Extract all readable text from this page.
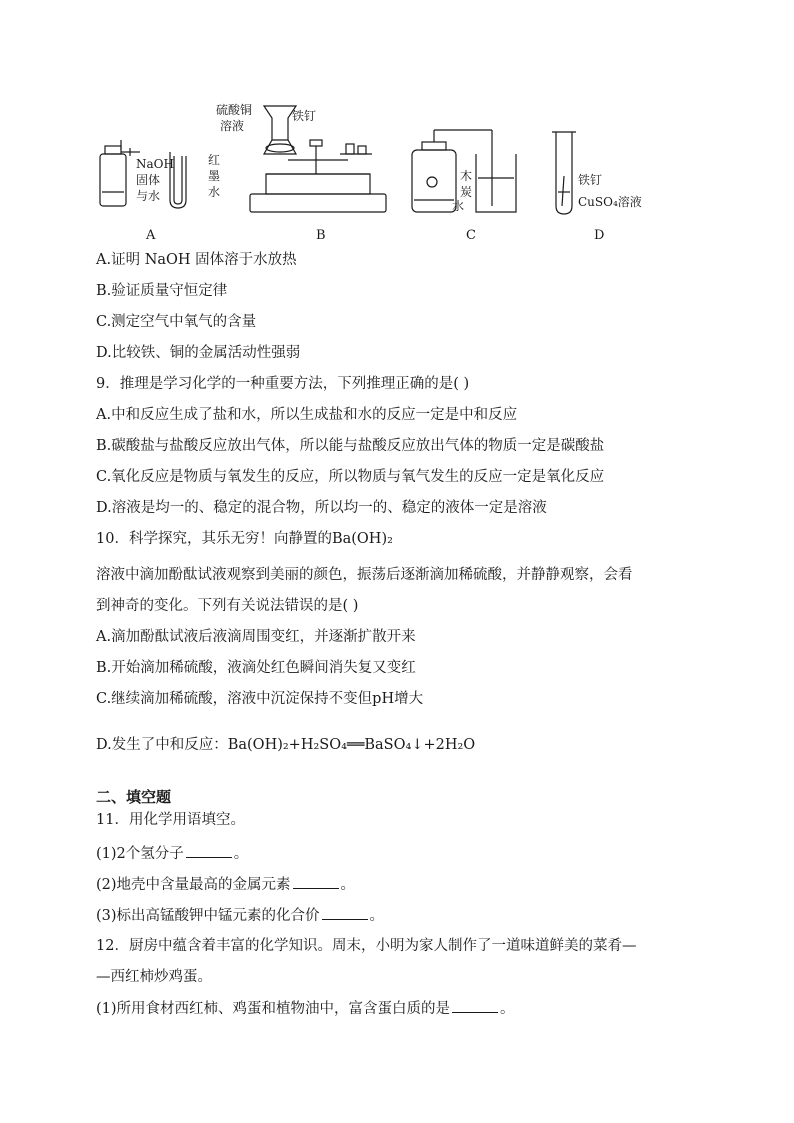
NaOH
固体
与水
红
墨
水
A
硫酸铜
溶液
铁钉
B
木
炭
水
C
铁钉
CuSO₄溶液
D
A.证明 NaOH 固体溶于水放热
B.验证质量守恒定律
C.测定空气中氧气的含量
D.比较铁、铜的金属活动性强弱
9．推理是学习化学的一种重要方法，下列推理正确的是( )
A.中和反应生成了盐和水，所以生成盐和水的反应一定是中和反应
B.碳酸盐与盐酸反应放出气体，所以能与盐酸反应放出气体的物质一定是碳酸盐
C.氧化反应是物质与氧发生的反应，所以物质与氧气发生的反应一定是氧化反应
D.溶液是均一的、稳定的混合物，所以均一的、稳定的液体一定是溶液
10．科学探究，其乐无穷！向静置的Ba(OH)₂
溶液中滴加酚酞试液观察到美丽的颜色，振荡后逐渐滴加稀硫酸，并静静观察，会看
到神奇的变化。下列有关说法错误的是( )
A.滴加酚酞试液后液滴周围变红，并逐渐扩散开来
B.开始滴加稀硫酸，液滴处红色瞬间消失复又变红
C.继续滴加稀硫酸，溶液中沉淀保持不变但pH增大
D.发生了中和反应：Ba(OH)₂+H₂SO₄══BaSO₄↓+2H₂O
二、填空题
11．用化学用语填空。
(1)2个氢分子	。
(2)地壳中含量最高的金属元素	。
(3)标出高锰酸钾中锰元素的化合价	。
12．厨房中蕴含着丰富的化学知识。周末，小明为家人制作了一道味道鲜美的菜肴—
—西红柿炒鸡蛋。
(1)所用食材西红柿、鸡蛋和植物油中，富含蛋白质的是	。
